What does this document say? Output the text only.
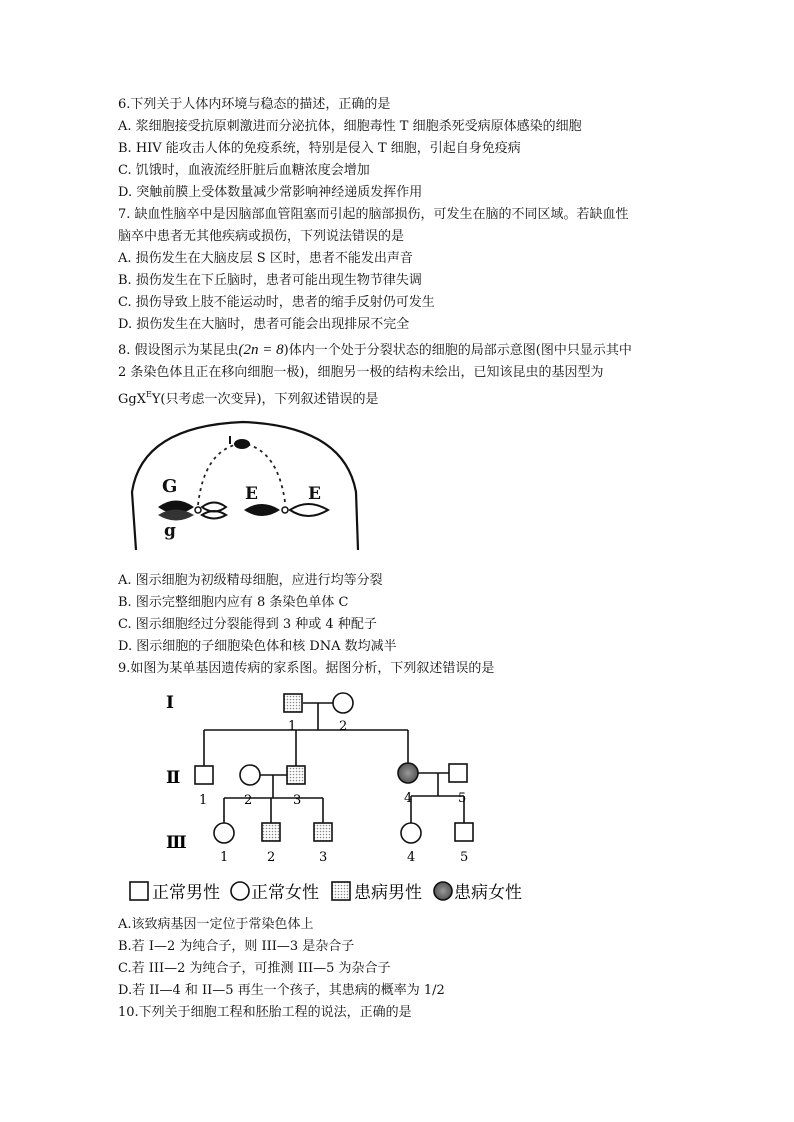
6.下列关于人体内环境与稳态的描述，正确的是
A. 浆细胞接受抗原刺激进而分泌抗体，细胞毒性 T 细胞杀死受病原体感染的细胞
B. HIV 能攻击人体的免疫系统，特别是侵入 T 细胞，引起自身免疫病
C. 饥饿时，血液流经肝脏后血糖浓度会增加
D. 突触前膜上受体数量减少常影响神经递质发挥作用
7. 缺血性脑卒中是因脑部血管阻塞而引起的脑部损伤，可发生在脑的不同区域。若缺血性
脑卒中患者无其他疾病或损伤，下列说法错误的是
A. 损伤发生在大脑皮层 S 区时，患者不能发出声音
B. 损伤发生在下丘脑时，患者可能出现生物节律失调
C. 损伤导致上肢不能运动时，患者的缩手反射仍可发生
D. 损伤发生在大脑时，患者可能会出现排尿不完全
8. 假设图示为某昆虫(2n = 8)体内一个处于分裂状态的细胞的局部示意图(图中只显示其中
2 条染色体且正在移向细胞一极)，细胞另一极的结构未绘出，已知该昆虫的基因型为
GgX$^E$Y(只考虑一次变异)，下列叙述错误的是
G
g
E	E
A. 图示细胞为初级精母细胞，应进行均等分裂
B. 图示完整细胞内应有 8 条染色单体 C
C. 图示细胞经过分裂能得到 3 种或 4 种配子
D. 图示细胞的子细胞染色体和核 DNA 数均减半
9.如图为某单基因遗传病的家系图。据图分析，下列叙述错误的是
I
Ⅱ
Ⅲ
1	2
1	2	3	4	5
1	2	3	4	5
正常男性 正常女性 患病男性 患病女性
A.该致病基因一定位于常染色体上
B.若 I—2 为纯合子，则 III—3 是杂合子
C.若 III—2 为纯合子，可推测 III—5 为杂合子
D.若 II—4 和 II—5 再生一个孩子，其患病的概率为 1/2
10.下列关于细胞工程和胚胎工程的说法，正确的是
